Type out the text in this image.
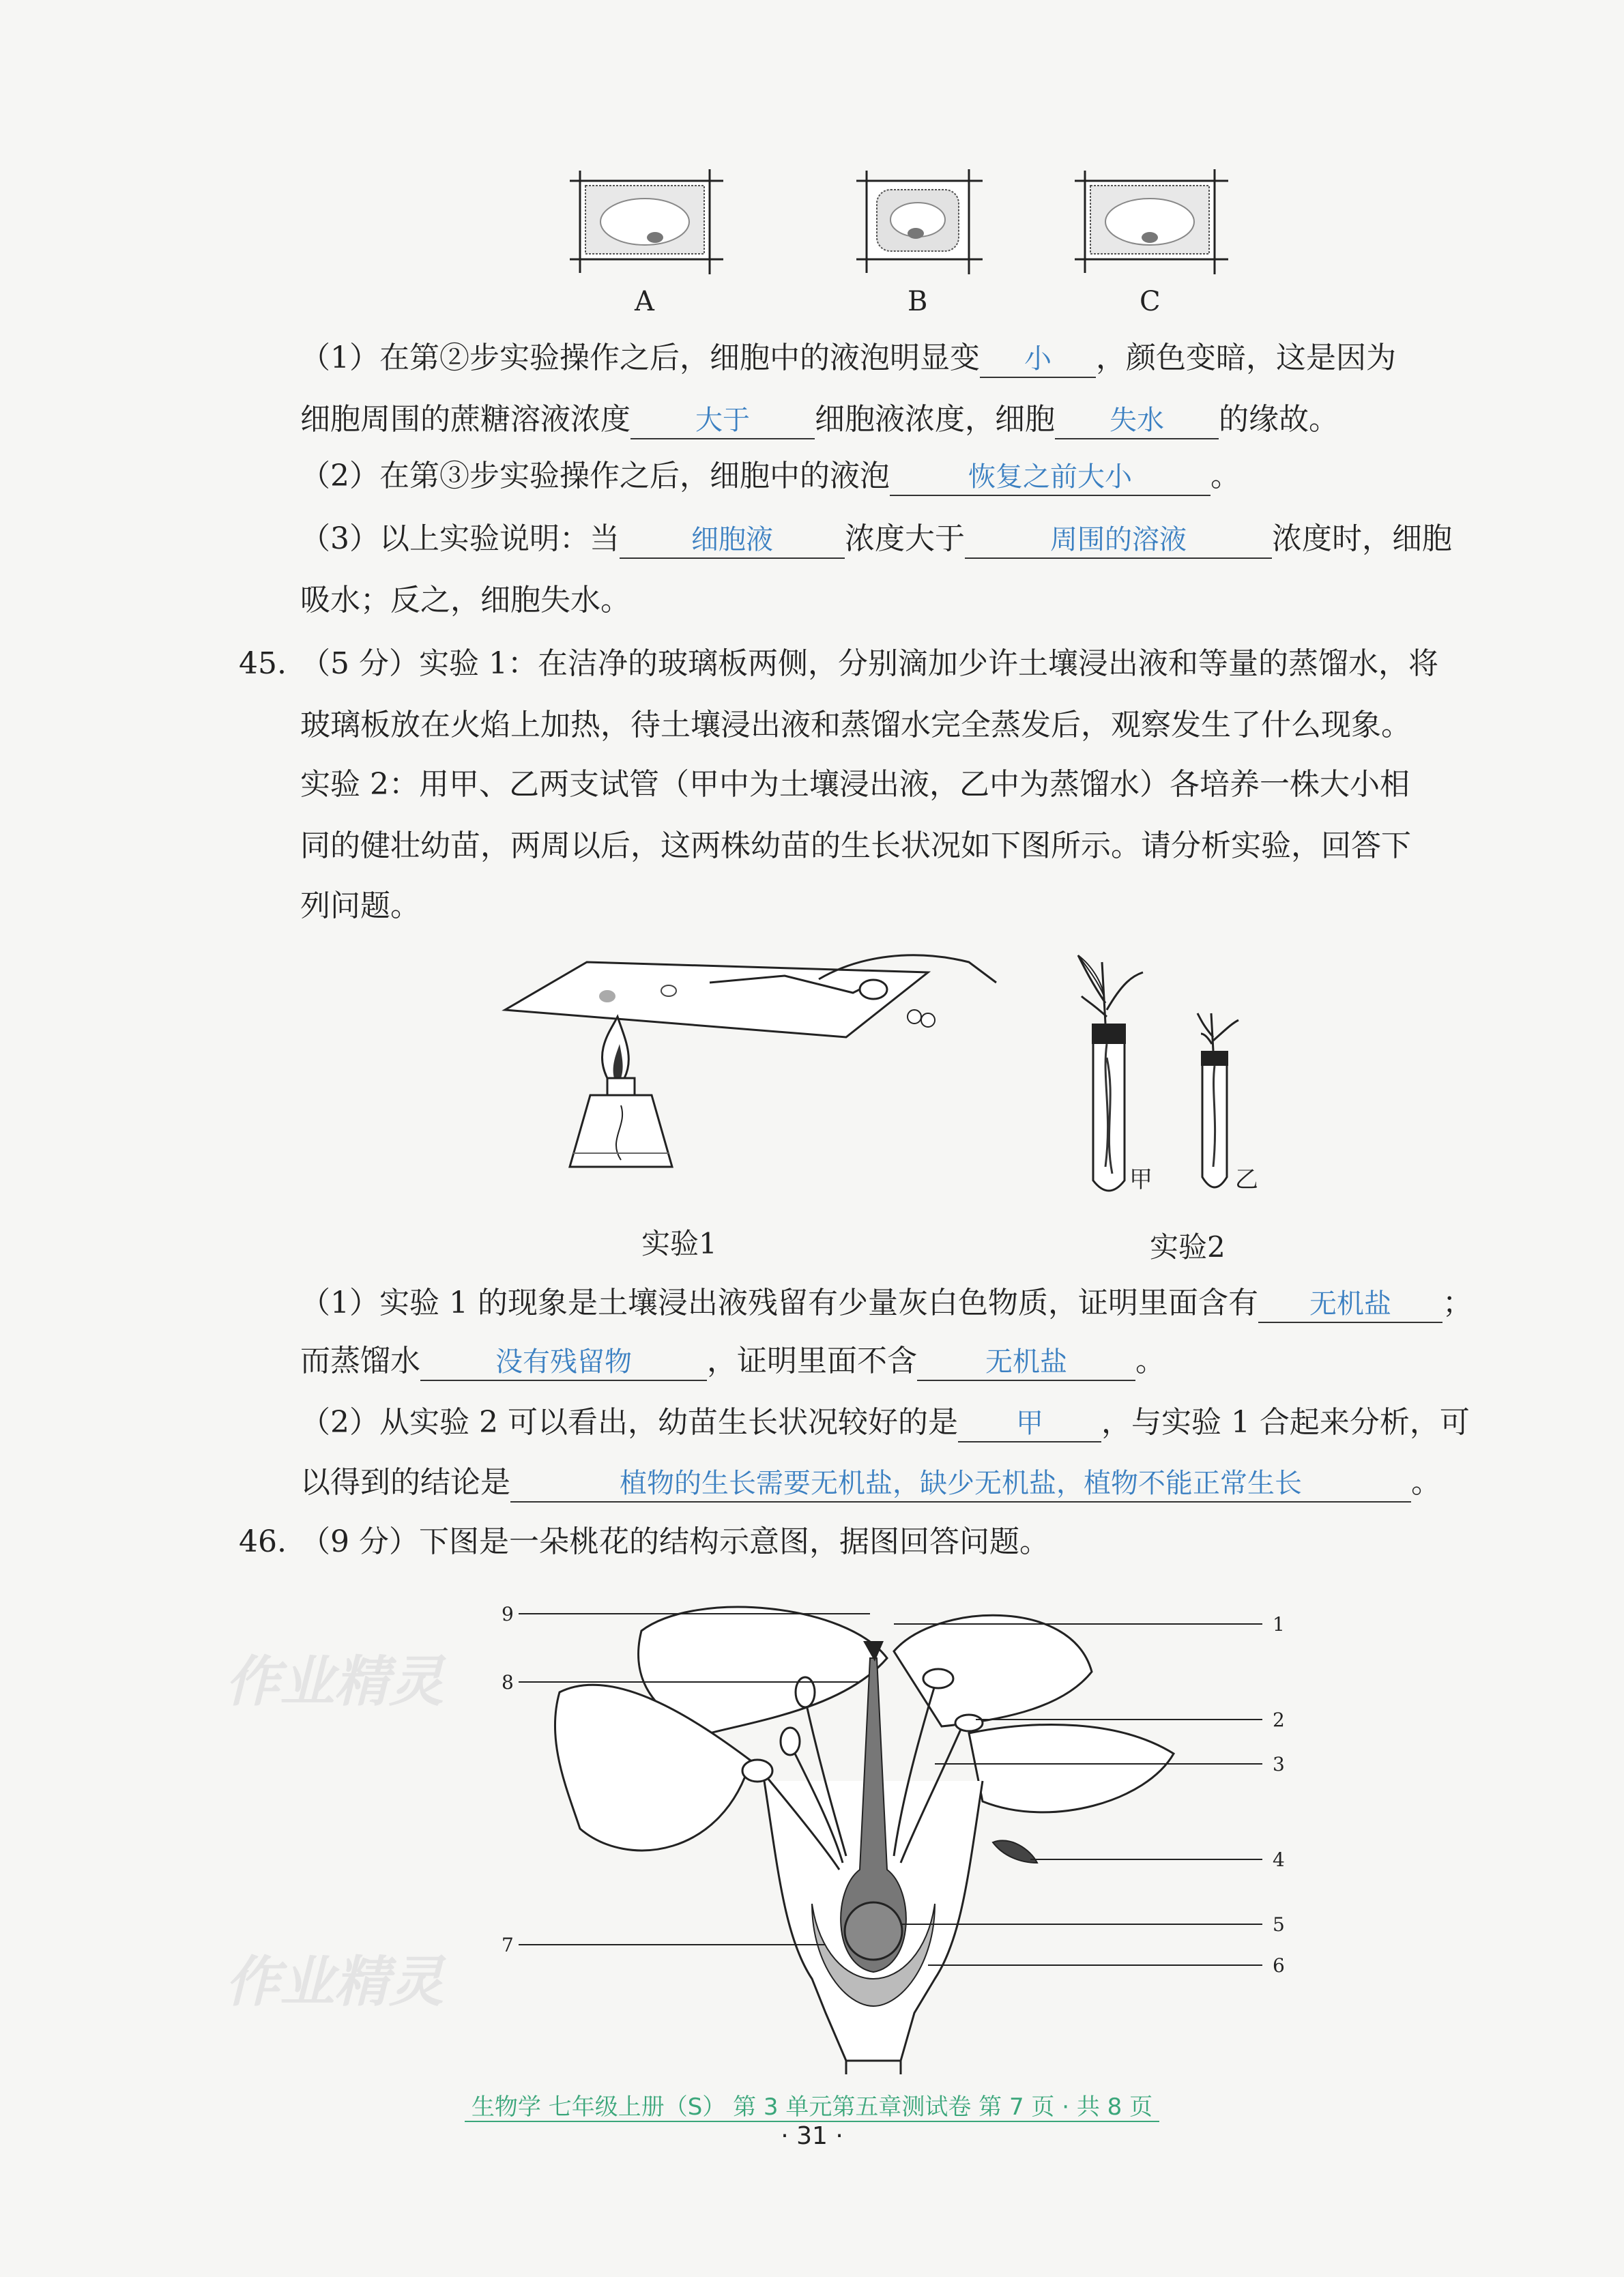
A	B	C
（1）在第②步实验操作之后，细胞中的液泡明显变 小 ，颜色变暗，这是因为
细胞周围的蔗糖溶液浓度 大于 细胞液浓度，细胞 失水 的缘故。
（2）在第③步实验操作之后，细胞中的液泡	恢复之前大小	。
（3）以上实验说明：当	细胞液 浓度大于	周围的溶液	浓度时，细胞
吸水；反之，细胞失水。
45. （5 分）实验 1：在洁净的玻璃板两侧，分别滴加少许土壤浸出液和等量的蒸馏水，将
玻璃板放在火焰上加热，待土壤浸出液和蒸馏水完全蒸发后，观察发生了什么现象。
实验 2：用甲、乙两支试管（甲中为土壤浸出液，乙中为蒸馏水）各培养一株大小相
同的健壮幼苗，两周以后，这两株幼苗的生长状况如下图所示。请分析实验，回答下
列问题。
实验1
甲	乙
实验2
（1）实验 1 的现象是土壤浸出液残留有少量灰白色物质，证明里面含有 无机盐 ；
而蒸馏水	没有残留物	，证明里面不含	无机盐 。
（2）从实验 2 可以看出，幼苗生长状况较好的是 甲 ，与实验 1 合起来分析，可
以得到的结论是	植物的生长需要无机盐，缺少无机盐，植物不能正常生长	。
46. （9 分）下图是一朵桃花的结构示意图，据图回答问题。
1
2
3
4
5
6
7
8
9
作业精灵
作业精灵
生物学 七年级上册（S） 第 3 单元第五章测试卷 第 7 页 · 共 8 页
· 31 ·
